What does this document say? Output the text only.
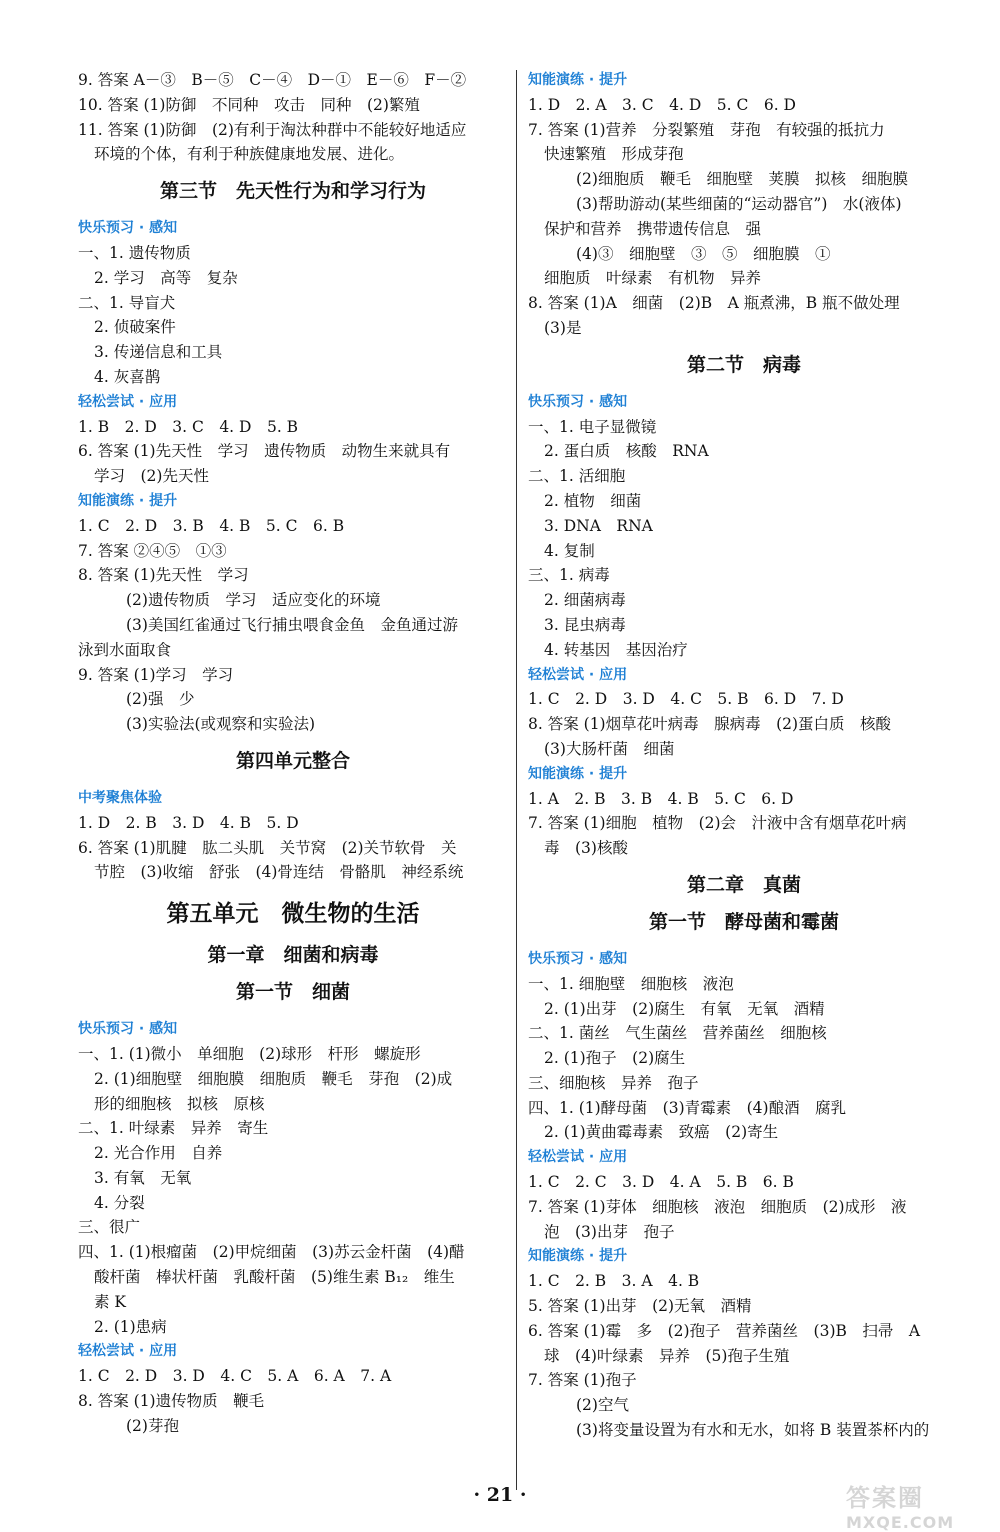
9. 答案 A－③　B－⑤　C－④　D－①　E－⑥　F－②
10. 答案 (1)防御　不同种　攻击　同种　(2)繁殖
11. 答案 (1)防御　(2)有利于淘汰种群中不能较好地适应
环境的个体，有利于种族健康地发展、进化。
第三节　先天性行为和学习行为
快乐预习 · 感知
一、1. 遗传物质
2. 学习　高等　复杂
二、1. 导盲犬
2. 侦破案件
3. 传递信息和工具
4. 灰喜鹊
轻松尝试 · 应用
1. B　2. D　3. C　4. D　5. B
6. 答案 (1)先天性　学习　遗传物质　动物生来就具有
学习　(2)先天性
知能演练 · 提升
1. C　2. D　3. B　4. B　5. C　6. B
7. 答案 ②④⑤　①③
8. 答案 (1)先天性　学习
(2)遗传物质　学习　适应变化的环境
(3)美国红雀通过飞行捕虫喂食金鱼　金鱼通过游
泳到水面取食
9. 答案 (1)学习　学习
(2)强　少
(3)实验法(或观察和实验法)
第四单元整合
中考聚焦体验
1. D　2. B　3. D　4. B　5. D
6. 答案 (1)肌腱　肱二头肌　关节窝　(2)关节软骨　关
节腔　(3)收缩　舒张　(4)骨连结　骨骼肌　神经系统
第五单元　微生物的生活
第一章　细菌和病毒
第一节　细菌
快乐预习 · 感知
一、1. (1)微小　单细胞　(2)球形　杆形　螺旋形
2. (1)细胞壁　细胞膜　细胞质　鞭毛　芽孢　(2)成
形的细胞核　拟核　原核
二、1. 叶绿素　异养　寄生
2. 光合作用　自养
3. 有氧　无氧
4. 分裂
三、很广
四、1. (1)根瘤菌　(2)甲烷细菌　(3)苏云金杆菌　(4)醋
酸杆菌　棒状杆菌　乳酸杆菌　(5)维生素 B₁₂　维生
素 K
2. (1)患病
轻松尝试 · 应用
1. C　2. D　3. D　4. C　5. A　6. A　7. A
8. 答案 (1)遗传物质　鞭毛
(2)芽孢
知能演练 · 提升
1. D　2. A　3. C　4. D　5. C　6. D
7. 答案 (1)营养　分裂繁殖　芽孢　有较强的抵抗力
快速繁殖　形成芽孢
(2)细胞质　鞭毛　细胞壁　荚膜　拟核　细胞膜
(3)帮助游动(某些细菌的“运动器官”)　水(液体)
保护和营养　携带遗传信息　强
(4)③　细胞壁　③　⑤　细胞膜　①
细胞质　叶绿素　有机物　异养
8. 答案 (1)A　细菌　(2)B　A 瓶煮沸，B 瓶不做处理
(3)是
第二节　病毒
快乐预习 · 感知
一、1. 电子显微镜
2. 蛋白质　核酸　RNA
二、1. 活细胞
2. 植物　细菌
3. DNA　RNA
4. 复制
三、1. 病毒
2. 细菌病毒
3. 昆虫病毒
4. 转基因　基因治疗
轻松尝试 · 应用
1. C　2. D　3. D　4. C　5. B　6. D　7. D
8. 答案 (1)烟草花叶病毒　腺病毒　(2)蛋白质　核酸
(3)大肠杆菌　细菌
知能演练 · 提升
1. A　2. B　3. B　4. B　5. C　6. D
7. 答案 (1)细胞　植物　(2)会　汁液中含有烟草花叶病
毒　(3)核酸
第二章　真菌
第一节　酵母菌和霉菌
快乐预习 · 感知
一、1. 细胞壁　细胞核　液泡
2. (1)出芽　(2)腐生　有氧　无氧　酒精
二、1. 菌丝　气生菌丝　营养菌丝　细胞核
2. (1)孢子　(2)腐生
三、细胞核　异养　孢子
四、1. (1)酵母菌　(3)青霉素　(4)酿酒　腐乳
2. (1)黄曲霉毒素　致癌　(2)寄生
轻松尝试 · 应用
1. C　2. C　3. D　4. A　5. B　6. B
7. 答案 (1)芽体　细胞核　液泡　细胞质　(2)成形　液
泡　(3)出芽　孢子
知能演练 · 提升
1. C　2. B　3. A　4. B
5. 答案 (1)出芽　(2)无氧　酒精
6. 答案 (1)霉　多　(2)孢子　营养菌丝　(3)B　扫帚　A
球　(4)叶绿素　异养　(5)孢子生殖
7. 答案 (1)孢子
(2)空气
(3)将变量设置为有水和无水，如将 B 装置茶杯内的
· 21 ·	答案圈
MXQE.COM
